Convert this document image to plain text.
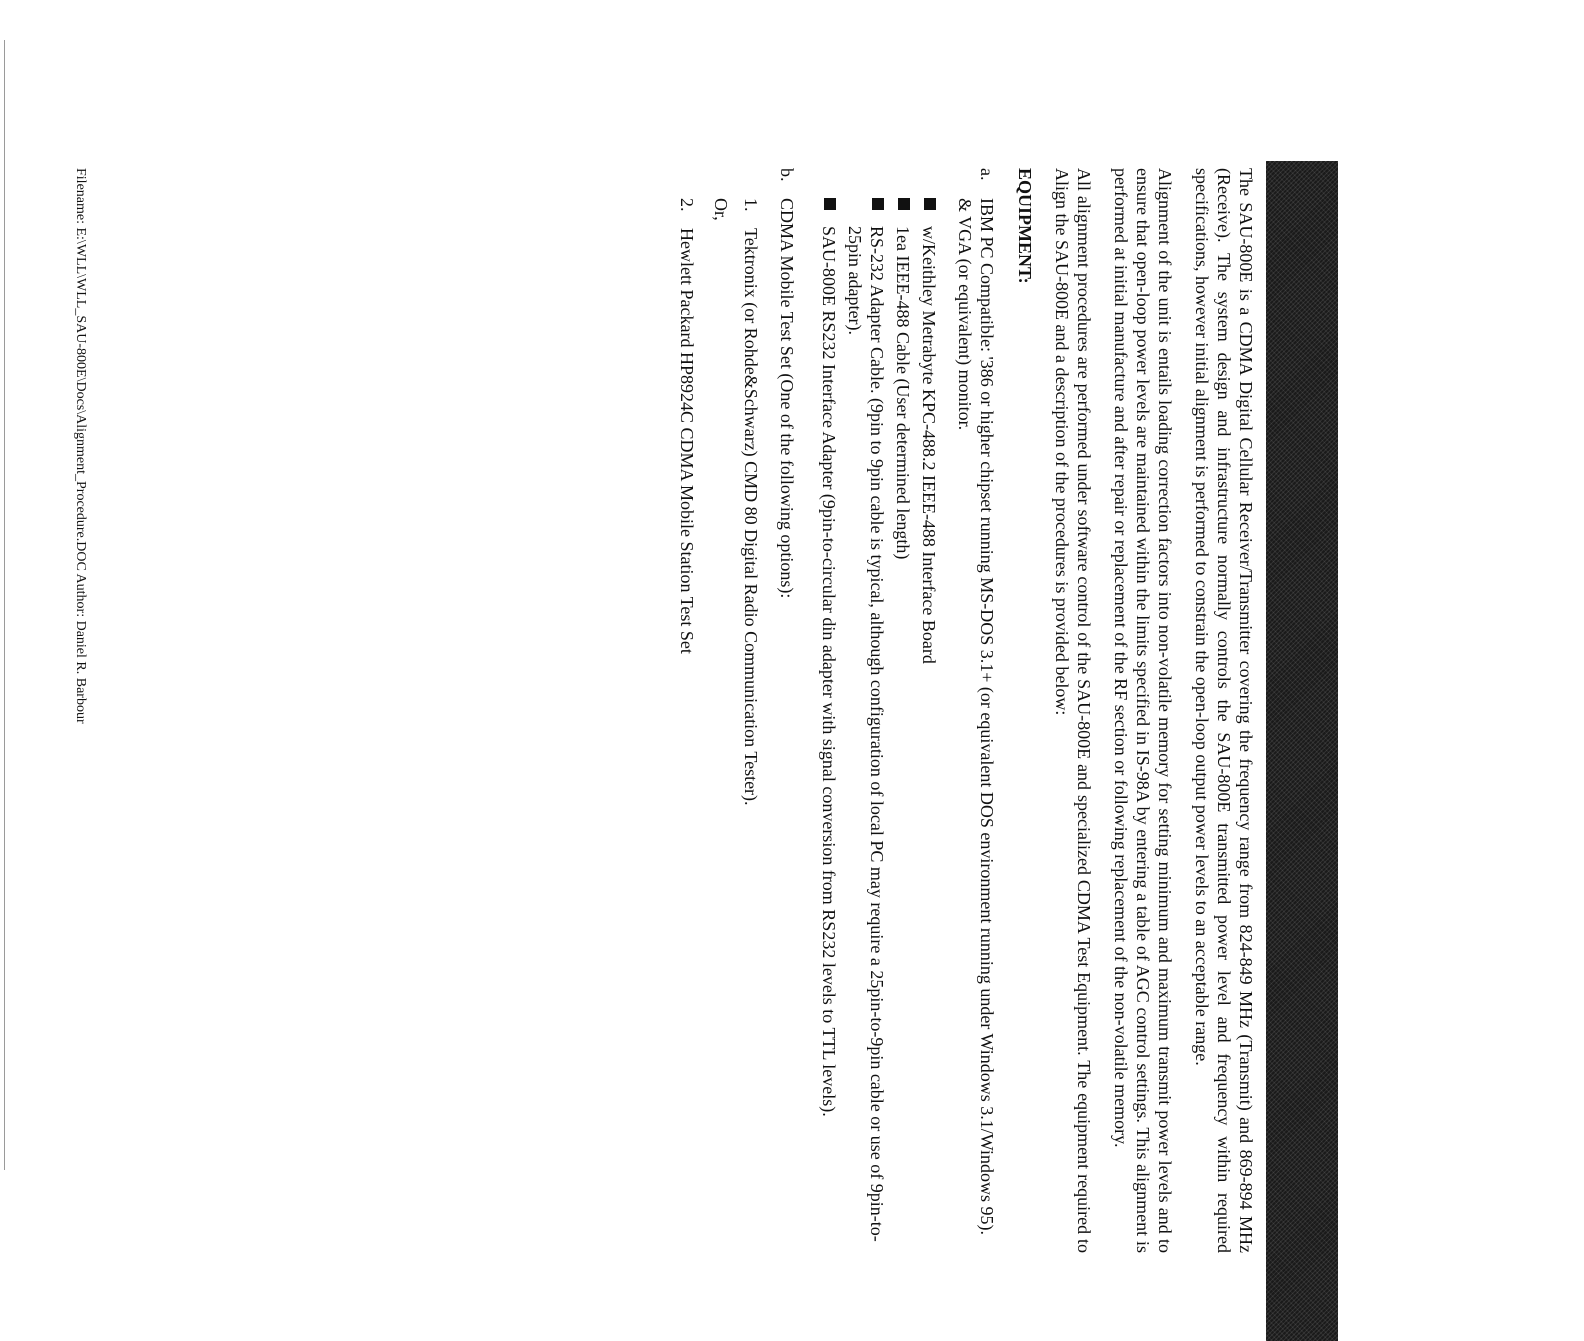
The SAU-800E is a CDMA Digital Cellular Receiver/Transmitter covering the frequency range from 824-849 MHz (Transmit) and 869-894 MHz (Receive). The system design and infrastructure normally controls the SAU-800E transmitted power level and frequency within required specifications, however initial alignment is performed to constrain the open-loop output power levels to an acceptable range.

Alignment of the unit is entails loading correction factors into non-volatile memory for setting minimum and maximum transmit power levels and to ensure that open-loop power levels are maintained within the limits specified in IS-98A by entering a table of AGC control settings. This alignment is performed at initial manufacture and after repair or replacement of the RF section or following replacement of the non-volatile memory.

All alignment procedures are performed under software control of the SAU-800E and specialized CDMA Test Equipment. The equipment required to Align the SAU-800E and a description of the procedures is provided below:

EQUIPMENT:
a.
IBM PC Compatible: '386 or higher chipset running MS-DOS 3.1+ (or equivalent DOS environment running under Windows 3.1/Windows 95). & VGA (or equivalent) monitor.
w/Keithley Metrabyte KPC-488.2 IEEE-488 Interface Board
1ea IEEE-488 Cable (User determined length)
RS-232 Adapter Cable. (9pin to 9pin cable is typical, although configuration of local PC may require a 25pin-to-9pin cable or use of 9pin-to-25pin adapter).
SAU-800E RS232 Interface Adapter (9pin-to-circular din adapter with signal conversion from RS232 levels to TTL levels).
b.
CDMA Mobile Test Set (One of the following options):
1.
Tektronix (or Rohde&Schwarz) CMD 80 Digital Radio Communication Tester).
Or,
2.
Hewlett Packard HP8924C CDMA Mobile Station Test Set
Filename: E:\WLL\WLL_SAU-800E\Docs\Alignment_Procedure.DOC Author: Daniel R. Barbour
